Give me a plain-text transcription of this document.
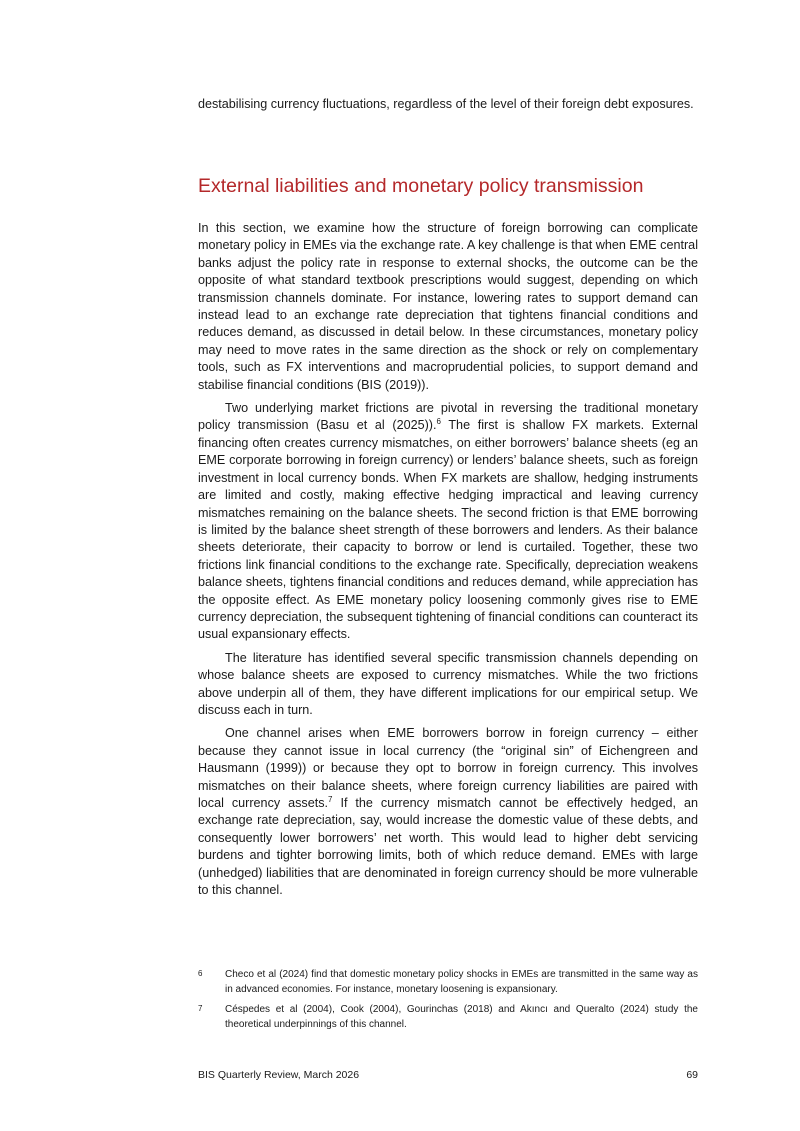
destabilising currency fluctuations, regardless of the level of their foreign debt exposures.

External liabilities and monetary policy transmission

In this section, we examine how the structure of foreign borrowing can complicate monetary policy in EMEs via the exchange rate. A key challenge is that when EME central banks adjust the policy rate in response to external shocks, the outcome can be the opposite of what standard textbook prescriptions would suggest, depending on which transmission channels dominate. For instance, lowering rates to support demand can instead lead to an exchange rate depreciation that tightens financial conditions and reduces demand, as discussed in detail below. In these circumstances, monetary policy may need to move rates in the same direction as the shock or rely on complementary tools, such as FX interventions and macroprudential policies, to support demand and stabilise financial conditions (BIS (2019)).

Two underlying market frictions are pivotal in reversing the traditional monetary policy transmission (Basu et al (2025)).$^6$ The first is shallow FX markets. External financing often creates currency mismatches, on either borrowers’ balance sheets (eg an EME corporate borrowing in foreign currency) or lenders’ balance sheets, such as foreign investment in local currency bonds. When FX markets are shallow, hedging instruments are limited and costly, making effective hedging impractical and leaving currency mismatches remaining on the balance sheets. The second friction is that EME borrowing is limited by the balance sheet strength of these borrowers and lenders. As their balance sheets deteriorate, their capacity to borrow or lend is curtailed. Together, these two frictions link financial conditions to the exchange rate. Specifically, depreciation weakens balance sheets, tightens financial conditions and reduces demand, while appreciation has the opposite effect. As EME monetary policy loosening commonly gives rise to EME currency depreciation, the subsequent tightening of financial conditions can counteract its usual expansionary effects.

The literature has identified several specific transmission channels depending on whose balance sheets are exposed to currency mismatches. While the two frictions above underpin all of them, they have different implications for our empirical setup. We discuss each in turn.

One channel arises when EME borrowers borrow in foreign currency – either because they cannot issue in local currency (the “original sin” of Eichengreen and Hausmann (1999)) or because they opt to borrow in foreign currency. This involves mismatches on their balance sheets, where foreign currency liabilities are paired with local currency assets.$^7$ If the currency mismatch cannot be effectively hedged, an exchange rate depreciation, say, would increase the domestic value of these debts, and consequently lower borrowers’ net worth. This would lead to higher debt servicing burdens and tighter borrowing limits, both of which reduce demand. EMEs with large (unhedged) liabilities that are denominated in foreign currency should be more vulnerable to this channel.

6	Checo et al (2024) find that domestic monetary policy shocks in EMEs are transmitted in the same way as in advanced economies. For instance, monetary loosening is expansionary.
7	Céspedes et al (2004), Cook (2004), Gourinchas (2018) and Akıncı and Queralto (2024) study the theoretical underpinnings of this channel.
BIS Quarterly Review, March 2026	69
